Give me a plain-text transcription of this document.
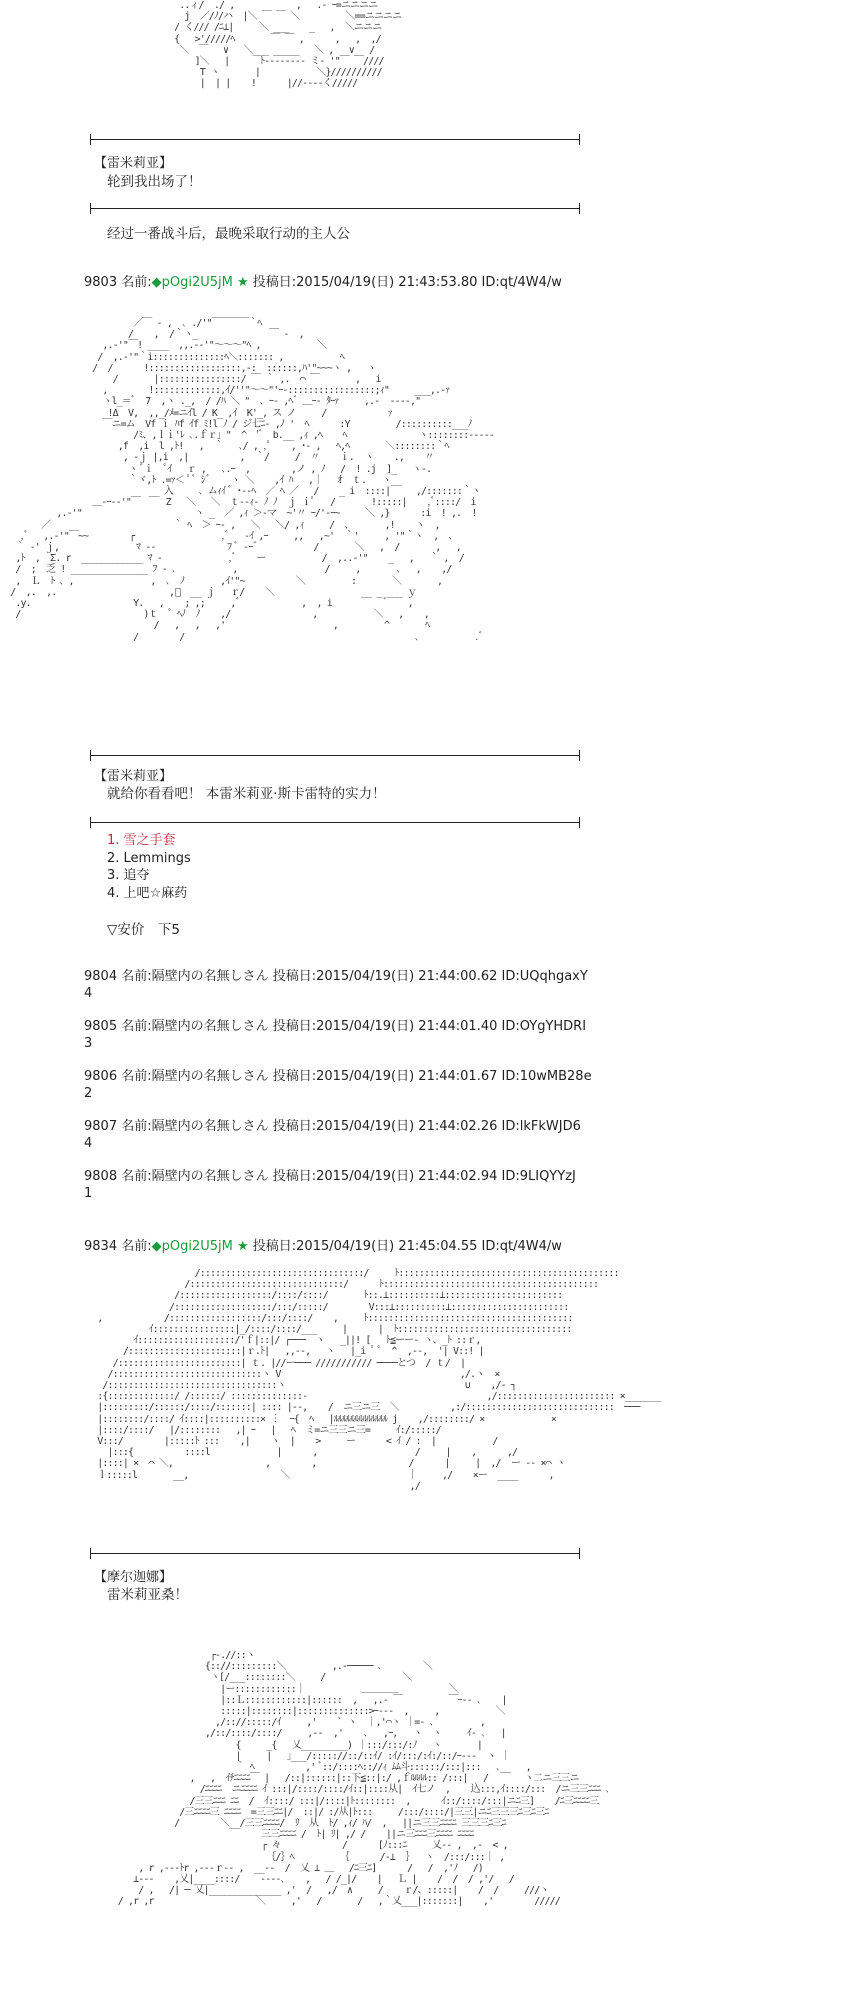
..ィ/  ./ ,            ,   .- ｰ=ニニニニ
j  ／/ﾉ/ハ  |＼ ￣ ￣ ＼         ＼==ニニニニ
/ く/// /ﾆ⊥|     ＼ ___    _   ,  ＼ニニニ
{   >'/////ﾍ       ￣ ￣ ,      ,   ,  ,/
＼  ￣   ∨   ＼___ _____   ＼ ,   ∨   /
]＼   |      ﾄ-------- ミ- '"￣ ￣////
T ヽ       |           ＼}//////////
|  | |    !      |//----く/////

【雷米莉亚】
轮到我出场了！
经过一番战斗后，最晚采取行动的主人公
9803 名前:◆pOgi2U5jM ★ 投稿日:2015/04/19(日) 21:43:53.80 ID:qt/4W4/w
／￣ - ,  ､ ./'"￣￣￣￣｀ﾍ
/    ,  /｀ヽ_              ￣ -  ,
,.-'"￣! ____  ,,.--'"～～～"ﾍ ,           ＼
/  ,.-'"｀i::::::::::::::ﾍ＼::::::: ,           ﾍ
/  /      !::::::::::::::::::,-:  ::::::,ﾊ'"~~~ヽ ,   ヽ
/       |::::::::::::::::/ ￣ ｀ ,.  ⌒ ￣       ,   i
,        !:::::::::::::,ｲ/''"～～"'ｰ-:::::::::::::::::;ｨ"     ___,.-ｧ
ヽl_＝ﾞ  7  ,ヽ ._,  / /ﾊ ＼ "  ､ ｰ- ,ﾍﾞ ＿ｰ- ﾀｰｧ     ,.-  ----,"
!Δ  V,  ,,_/ﾒ=ニｲl / K_ ,ｲ  K'_, ス ノ     /            ｧ
￣ニ=ム  Vf ｉ ﾊf ｲf ﾐ!l ﾉ / ジ七ﾆ- ,ﾉ '  ﾍ      :Y         /::::::::::___ﾉ
/ﾐ、,ｌｉ'ﾚ ､.ｆｒ｣ "  ^  'ﾞ  b.__ ,ｨ ,ﾍ    ﾍ              ヽ::::::::-----
,f  ,i  l ,ﾄ!   ,  ｀   ､/ , ,ﾟ    , ･- ,   ﾍ,ﾍ       ＼::::::::｀ﾍ
, -ｊ |,i  ,|          ,  ｀/     /  〃    ｉ.  ヽ    .,    〃
ヽ ﾞｉ  ﾟｲ   ｒ ,   ､.ｰ  ,        ,ノ , ﾉ   /  ! .j  ]_   ヽ-.
｀ヾ,ﾄ .=ｧ＜ ﾟﾞ ｼﾞ    ヽ ＼    ,ｲ ﾊ   ,｜   ｵ  ｔ.   ヽ__
__ 入     ､ ムｨｲ ﾞ ･--ﾍ  ／ ﾍ ／   /    _ i  ::::|     ,/:::::::｀ヽ
＿-ｰ‐‐'"￣     Z   ＼   ＼  ｔ--ｨ- ﾉ ﾉ  ｊ ｉﾟ   /       !:::::|    ,ﾞ::::/  i
,.-'"                      ヽ _  ／ ,ｨ ＞-マ  ~'〃 ｰ/'-ｰ~     ＼ ,}      :i  ! ,.  !
／                        ｀ ﾍ  ＞ ｰ- ,   ＼   ＼/ ,ｨ     /  ､       ,!    ヽ  ,
,ﾞ   ,.-'"￣~~        ┌                 ,ﾞ   -ｲ ,ｰ     ,,   ,~'  ｀'     , '"｀ヽ  ,  ､
｀ -' ｊ,               ﾏ ‐‐              ﾌ ﾞ -ｰﾞ           /       ＼   ,  /       ,   ,
,ﾄ  ,  Σ. r  ____________ ﾏ ‐             ,ﾞ    ー           /  ,..-'"    _   ,   ｀ ,  /
/  ;  乏 ! _______________ ﾌ ‐ ､           ,                 /     ,       ､   ,    ,/
,  Ｌ  ﾄ ､ ,               ,  ､  ﾉ       ,ｲ'"~          ＼         :       ＼       ,
/  ,.  ,.                      ,ﾞ  __ ｊ   ｒ/    ＼                 __ _ ___ ｙ
.y.                    Y.   ,    ; ,;     ,ﾞ            ,  , i          ﾞ    ,
/                        )ｔ  ﾟ ﾍﾉ  ﾉ    ,/                ,           ＼   ,    ,
/   ,   ,   ,'                     ,         ^       ﾍ
/        /                                             ､           .ﾞ

【雷米莉亚】
就给你看看吧！ 本雷米莉亚·斯卡雷特的实力！
1. 雪之手套
2. Lemmings
3. 追夺
4. 上吧☆麻药
▽安价　下5
9804 名前:隔壁内の名無しさん 投稿日:2015/04/19(日) 21:44:00.62 ID:UQqhgaxY
4
9805 名前:隔壁内の名無しさん 投稿日:2015/04/19(日) 21:44:01.40 ID:OYgYHDRI
3
9806 名前:隔壁内の名無しさん 投稿日:2015/04/19(日) 21:44:01.67 ID:10wMB28e
2
9807 名前:隔壁内の名無しさん 投稿日:2015/04/19(日) 21:44:02.26 ID:lkFkWJD6
4
9808 名前:隔壁内の名無しさん 投稿日:2015/04/19(日) 21:44:02.94 ID:9LIQYYzJ
1
9834 名前:◆pOgi2U5jM ★ 投稿日:2015/04/19(日) 21:45:04.55 ID:qt/4W4/w
/::::::::::::::::::::::::::::::::/     ﾄ:::::::::::::::::::::::::::::::::::::::::::
/::::::::::::::::::::::::::::::/      ﾄ::::::::::::::::::::::::::::::::::::::::::
/::::::::::::::::::/::::/::::/       ﾄ::.⊥::::::::::⊥:::::::::::::::::::::::
/:::::::::::::::::::/:::/:::::/        V:::⊥::::::::::⊥:::::::::::::::::::::::
,            /::::::::::::::::::/:::/::::/    ,     ﾄ::::::::::::::::::::::::::::::::::::::::
ｲ::::::::::::::::|_/::::/::::/___     |      |  ﾄ::::::::::::::::::::::::::::::::::
ｲ:::::::::::::::::::/'ｆ|::|/ ┌───  ヽ   _||! [   ﾄ≦ーー- ヽ、_ﾄ ::ｒ,
/::::::::::::::::::::::|ｒ.ﾄ|   ,,--,   ヽ   |_i ﾟ ﾟ  ^  ,--,  '| V::! |
/::::::::::::::::::::::::| ｔ. |//ー─── /////////// ────とつ  / ｔ/  |
/:::::::::::::::::::::::::::::ヽ V                                   ,/.ヽ  ×
/:::::::::::::::::::::::::::::::::ヽ                                   ∪    ,/‐ ┐
:{:::::::::::::/ /::::::/ ::::::::::::::-                                   ,/::::::::::::::::::::::: ×_______
|:::::::::/::::::/::::/:::::::| :::: |--,    /  ニ三ニ三  ＼          ,:/:::::::::::::::::::::::::::::  ───
|::::::::/::::/ ｲ::::|::::::::::× ︙  ｰ{  ﾍ   |ﾙﾙﾙﾙﾙﾙﾙﾙﾙﾙﾙﾙﾙ j    ,/::::::::/ ×             ×
|::::/::::/   |/::::::::   ,| ｰ   |   ﾍ  ミ=ニ三三ニ三=     ｲ:/:::::/
V:::/        |:::::ﾄ :::    ,|    ヽ  |    >     ー      < ｲ / :  |           /
|:::{          ::::l             |      ,                   /     |    ,      ,/
|::::| ×  ⌒ ＼,                  ,        ,                  /      |     |  ,/  ー -- ×⌒ ヽ
ｌ:::::l       __,                  ＼                       ｜     ,/    ×ー  ____      ,
,/

【摩尔迦娜】
雷米莉亚桑！
┌-.//::ヽ
{:://:::::::::＼         ,.-───── ､        ＼
ヽ[/___::::::::＼     /               ＼
|ー::::::::::::｜           ＿＿＿＿          ＼
|::Ｌ::::::::::::|::::::  ,   ,.- ￣         ￣ｰ-- ､    |
:::::|::::::::|::::::::::::::>ｰ---  ,     ,           ＼
,/:://:::::/ｲ     ,'    ` ヽ  ｜,'⌒ヽ ｜=- ､         ,
,/::/::::/::::/     ,--  ,'    ､   ,ｰ,   ヽ  ヽ     ｲ- ､   |
{     _{   乂_________) ｜:::/:::/:ﾉ   ヽ       |
|     |   ｣___/::::://::/::ｲ/ :ｲ/:::/:ｲ:/::/ｰ‐--  ヽ ｜
｀ ﾍ          ,' ﾞ::/::::ﾍ:://ｨ ﾑﾑ斗::::::/:::|:::   ､__   ,
,   ,  ｲﾁﾆﾆﾆﾆ￣ |   /::|::::::|::下≦::|:/ ,ｆﾙﾙﾙﾙ:: /:::|   /       ヽ二ニ三三ニ
/ﾆﾆﾆﾆ  ニﾆﾆﾆﾆ ｲ :::|/::::/::::/ｲ::|::::从|  ｲ七ノ  ,    込:::,ｲ::::/:::  /ニ三三ﾆﾆﾆ ､
/三三ﾆﾆﾆ ﾆﾆ  /  ｲ::::/ :::|/::::|ﾄ::::::::  ,      ｲ::/::::/:::|ニﾆ三]    /ﾆ三ﾆﾆﾆﾆ三
/三ﾆﾆﾆﾆ三 ﾆﾆﾆﾆ  =三三ﾆﾆ|/  ::|/ :/从|ﾄ:::     /:::/::::/|三三|ニﾆ三三三ﾆ三ﾆ三ﾆ
/        ＼__/三三ﾆﾆﾆﾆ/  ﾘ  从  ﾄ/ ,ｨ/ ﾊ/  ,   ||ニ三三ﾆﾆﾆﾆ 三三三ﾆ三ﾆ
三三ﾆﾆﾆﾆ /  ﾄ| ﾘ| ,/ /    ||ニ三ﾆﾆﾆ三ﾆﾆﾆﾆ ﾆﾆﾆﾆ
┌ 々            /      [ﾉ:::ﾆ     乂-- ,  ,-  < ,
｛/｝ﾍ         ｛      /‐⊥  ｝  ヽ  /:::/:::｜ ,
, r ,---ﾄr ,---ｒ-- ,  __-‐  /  乂 ⊥ ＿   /ﾆ三ﾆ]      /   /  ,'ﾉ   /)
⊥---    ,乂|____::::/    ----､    ,   / /_|/    |   Ｌ |    /  /  / ,'/   /
/ ,   /| ─ 乂|______________ ,'  /   ,/  ∧     /    ｒ/、:::::|    /  /     ///ヽ
/ ,r ,r                    ＼     ,'   /       /   ,｀乂___|:::::::|    ,'        /////
